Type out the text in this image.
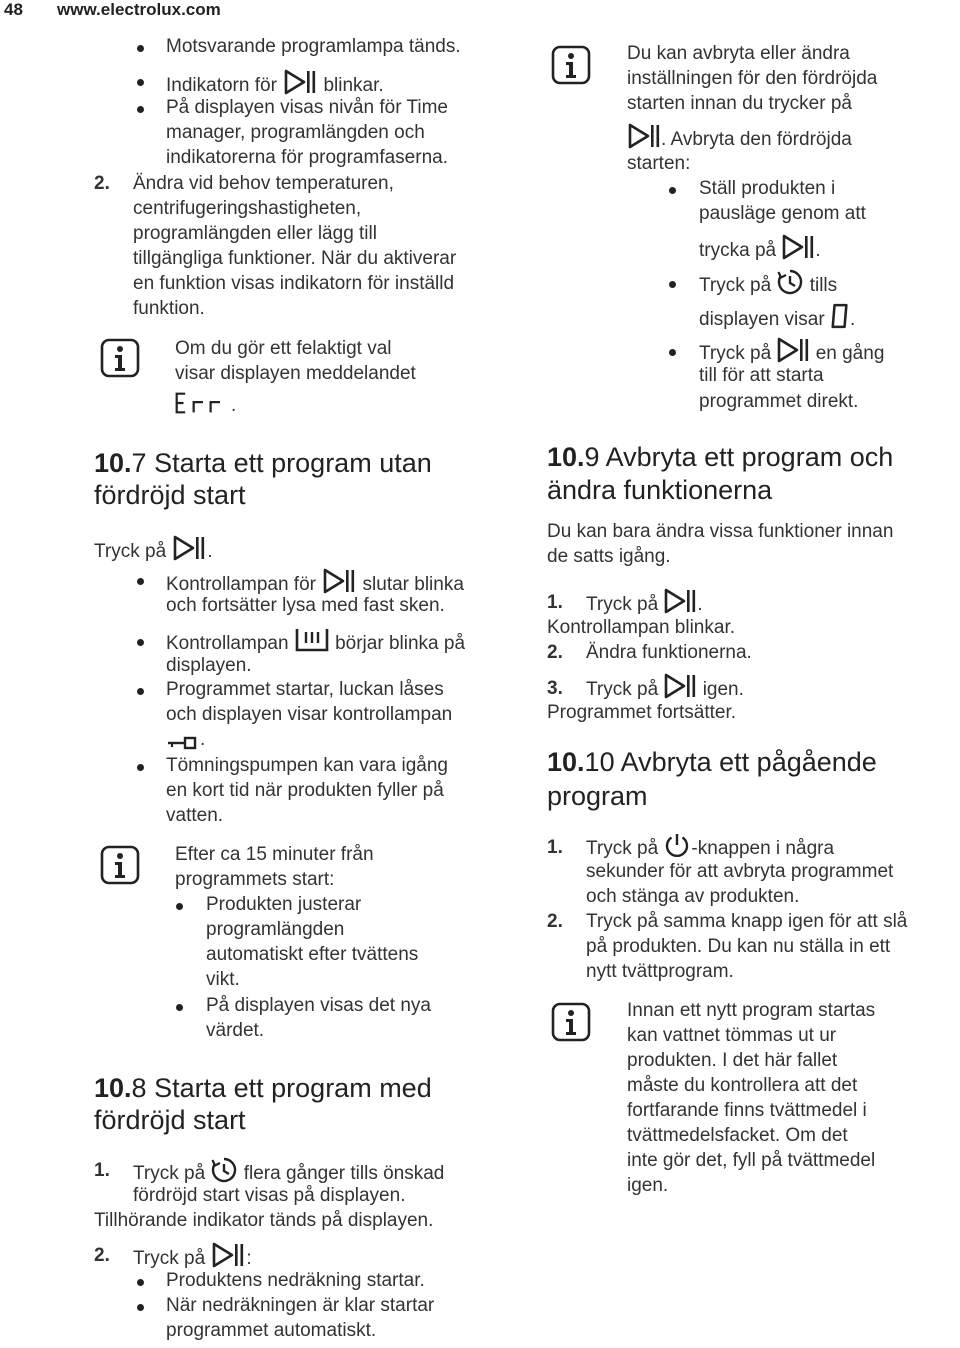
48 www.electrolux.com
Motsvarande programlampa tänds.
Indikatorn för blinkar.
På displayen visas nivån för Time
manager, programlängden och
indikatorerna för programfaserna.
2. Ändra vid behov temperaturen,
centrifugeringshastigheten,
programlängden eller lägg till
tillgängliga funktioner. När du aktiverar
en funktion visas indikatorn för inställd
funktion.
Om du gör ett felaktigt val
visar displayen meddelandet
.
10.7 Starta ett program utan
fördröjd start
Tryck på .
Kontrollampan för slutar blinka
och fortsätter lysa med fast sken.
Kontrollampan börjar blinka på
displayen.
Programmet startar, luckan låses
och displayen visar kontrollampan
.
Tömningspumpen kan vara igång
en kort tid när produkten fyller på
vatten.
Efter ca 15 minuter från
programmets start:
Produkten justerar
programlängden
automatiskt efter tvättens
vikt.
På displayen visas det nya
värdet.
10.8 Starta ett program med
fördröjd start
1. Tryck på flera gånger tills önskad
fördröjd start visas på displayen.
Tillhörande indikator tänds på displayen.
2. Tryck på :
Produktens nedräkning startar.
När nedräkningen är klar startar
programmet automatiskt.
Du kan avbryta eller ändra
inställningen för den fördröjda
starten innan du trycker på
. Avbryta den fördröjda
starten:
Ställ produkten i
pausläge genom att
trycka på .
Tryck på tills
displayen visar .
Tryck på en gång
till för att starta
programmet direkt.
10.9 Avbryta ett program och
ändra funktionerna
Du kan bara ändra vissa funktioner innan
de satts igång.
1. Tryck på .
Kontrollampan blinkar.
2. Ändra funktionerna.
3. Tryck på igen.
Programmet fortsätter.
10.10 Avbryta ett pågående
program
1. Tryck på -knappen i några
sekunder för att avbryta programmet
och stänga av produkten.
2. Tryck på samma knapp igen för att slå
på produkten. Du kan nu ställa in ett
nytt tvättprogram.
Innan ett nytt program startas
kan vattnet tömmas ut ur
produkten. I det här fallet
måste du kontrollera att det
fortfarande finns tvättmedel i
tvättmedelsfacket. Om det
inte gör det, fyll på tvättmedel
igen.
